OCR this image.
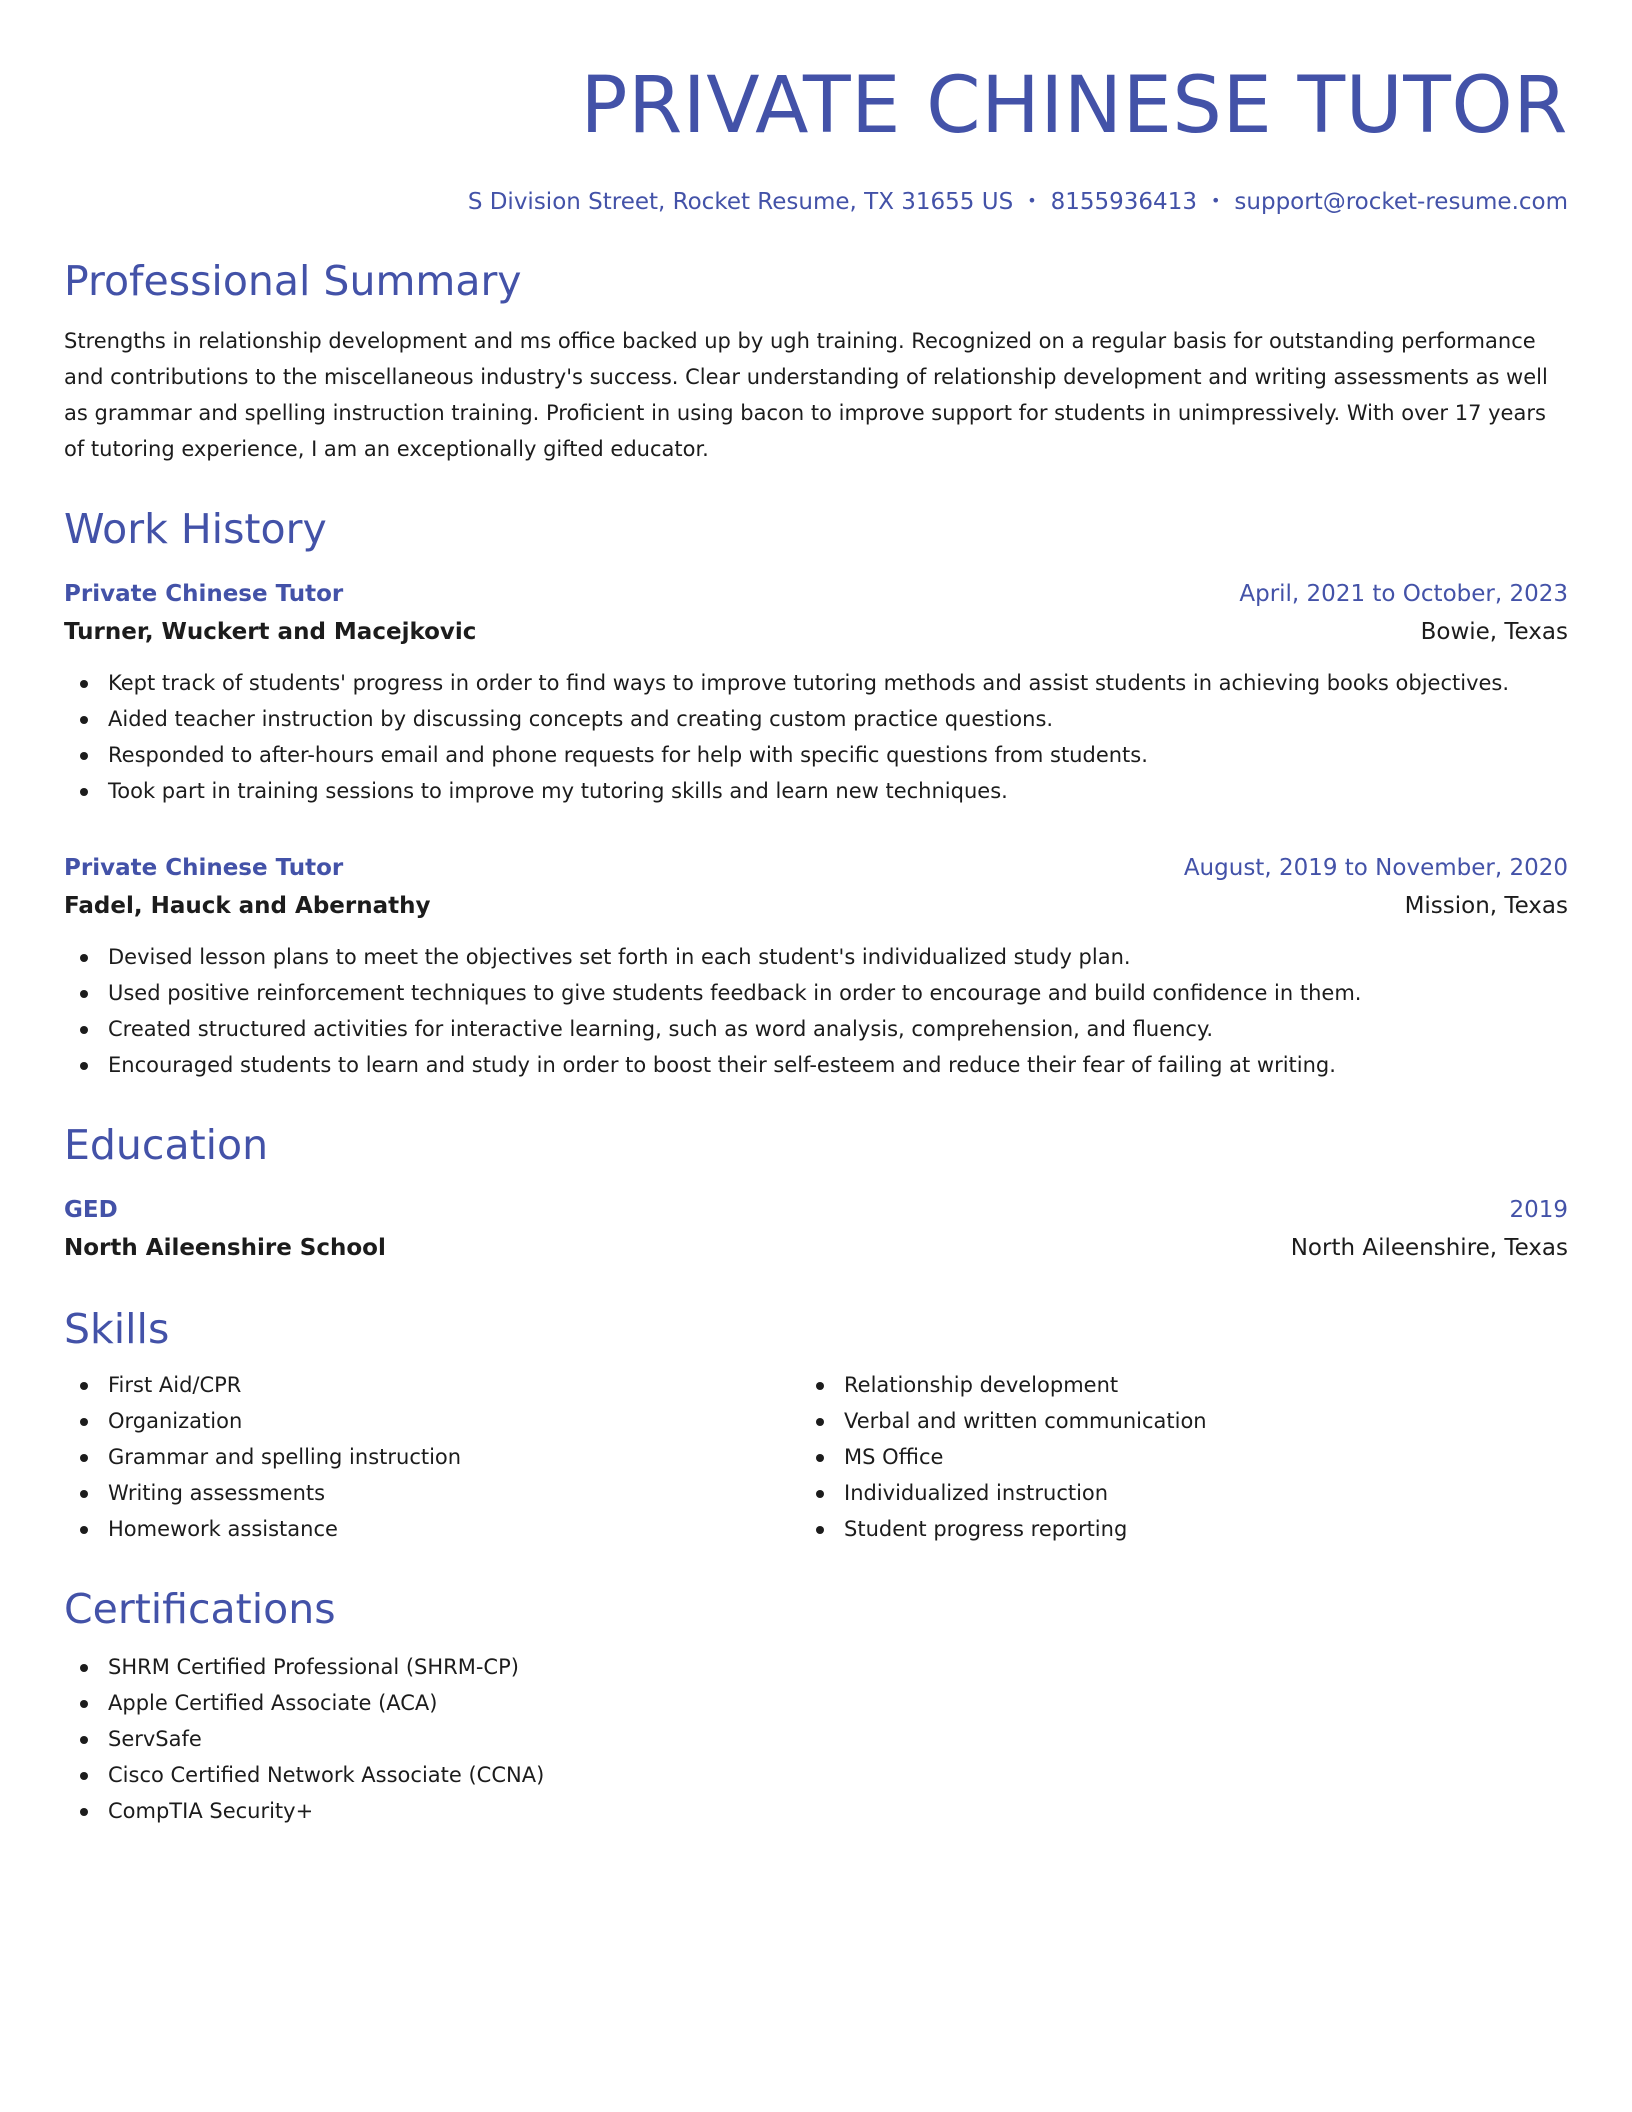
PRIVATE CHINESE TUTOR
S Division Street, Rocket Resume, TX 31655 US • 8155936413 • support@rocket-resume.com
Professional Summary

Strengths in relationship development and ms office backed up by ugh training. Recognized on a regular basis for outstanding performance and contributions to the miscellaneous industry's success. Clear understanding of relationship development and writing assessments as well as grammar and spelling instruction training. Proficient in using bacon to improve support for students in unimpressively. With over 17 years of tutoring experience, I am an exceptionally gifted educator.

Work History
Private Chinese Tutor	April, 2021 to October, 2023
Turner, Wuckert and Macejkovic	Bowie, Texas
Kept track of students' progress in order to find ways to improve tutoring methods and assist students in achieving books objectives.
Aided teacher instruction by discussing concepts and creating custom practice questions.
Responded to after-hours email and phone requests for help with specific questions from students.
Took part in training sessions to improve my tutoring skills and learn new techniques.
Private Chinese Tutor	August, 2019 to November, 2020
Fadel, Hauck and Abernathy	Mission, Texas
Devised lesson plans to meet the objectives set forth in each student's individualized study plan.
Used positive reinforcement techniques to give students feedback in order to encourage and build confidence in them.
Created structured activities for interactive learning, such as word analysis, comprehension, and fluency.
Encouraged students to learn and study in order to boost their self-esteem and reduce their fear of failing at writing.
Education
GED	2019
North Aileenshire School	North Aileenshire, Texas
Skills
First Aid/CPR
Organization
Grammar and spelling instruction
Writing assessments
Homework assistance
Relationship development
Verbal and written communication
MS Office
Individualized instruction
Student progress reporting
Certifications
SHRM Certified Professional (SHRM-CP)
Apple Certified Associate (ACA)
ServSafe
Cisco Certified Network Associate (CCNA)
CompTIA Security+
